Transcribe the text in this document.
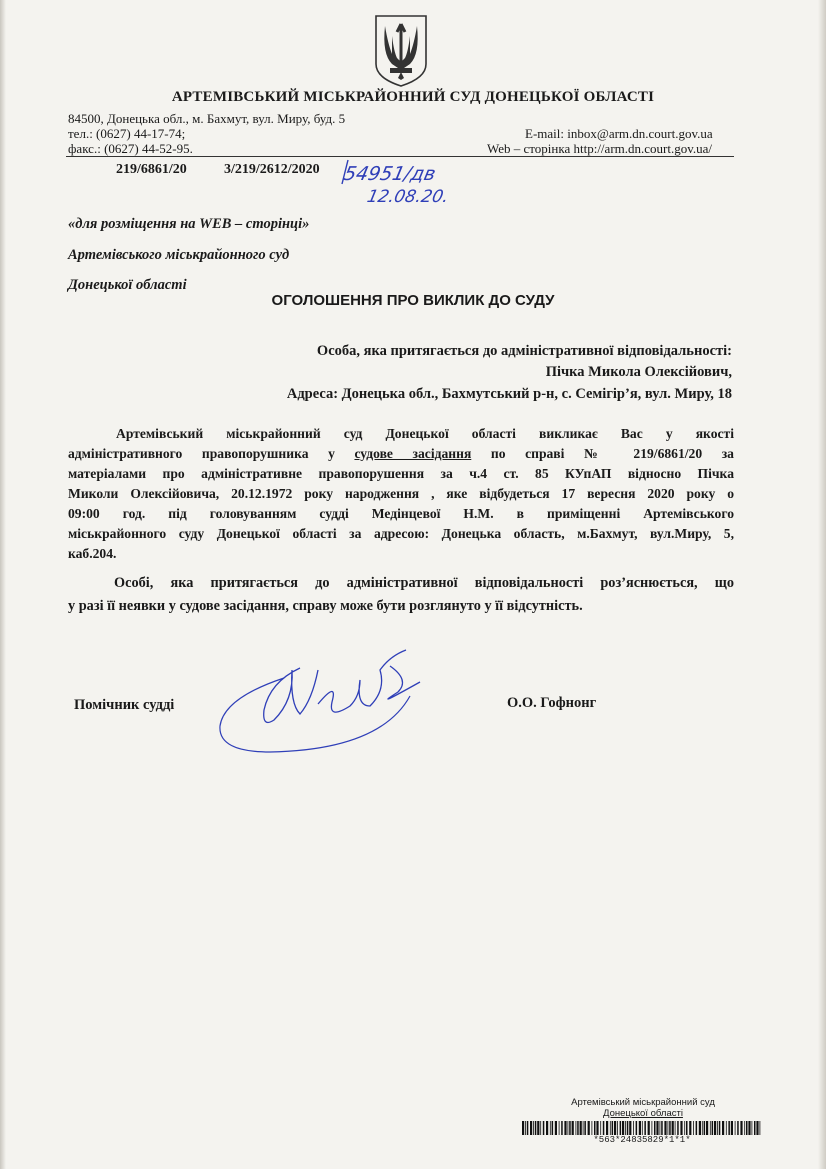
АРТЕМІВСЬКИЙ МІСЬКРАЙОННИЙ СУД ДОНЕЦЬКОЇ ОБЛАСТІ
84500, Донецька обл., м. Бахмут, вул. Миру, буд. 5
тел.: (0627) 44-17-74;
факс.: (0627) 44-52-95.
E-mail: inbox@arm.dn.court.gov.ua
Web – сторінка http://arm.dn.court.gov.ua/
219/6861/20	3/219/2612/2020 54951/дв
12.08.20.
«для розміщення на WEB – сторінці»
Артемівського міськрайонного суд
Донецької області
ОГОЛОШЕННЯ ПРО ВИКЛИК ДО СУДУ
Особа, яка притягається до адміністративної відповідальності:
Пічка Микола Олексійович,
Адреса: Донецька обл., Бахмутський р-н, с. Семігір’я, вул. Миру, 18

Артемівський міськрайонний суд Донецької області викликає Вас у якості

адміністративного правопорушника у судове засідання по справі № 219/6861/20 за

матеріалами про адміністративне правопорушення за ч.4 ст. 85 КУпАП відносно Пічка

Миколи Олексійовича, 20.12.1972 року народження , яке відбудеться 17 вересня 2020 року о

09:00 год. під головуванням судді Медінцевої Н.М. в приміщенні Артемівського

міськрайонного суду Донецької області за адресою: Донецька область, м.Бахмут, вул.Миру, 5,

каб.204.

Особі, яка притягається до адміністративної відповідальності роз’яснюється, що

у разі її неявки у судове засідання, справу може бути розглянуто у її відсутність.

Помічник судді	О.О. Гофнонг
Артемівський міськрайонний суд
Донецької області
*563*24835829*1*1*
